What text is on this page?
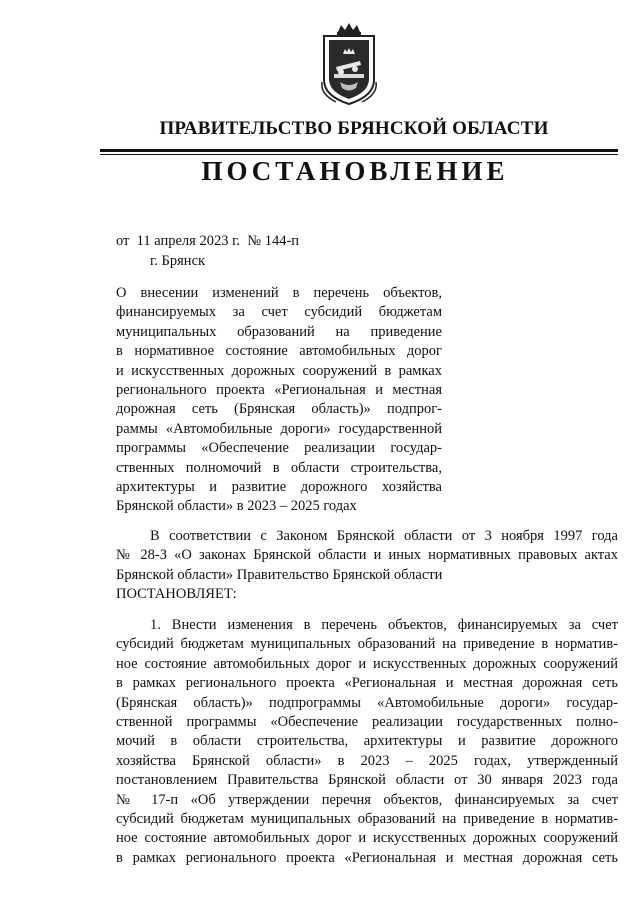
ПРАВИТЕЛЬСТВО БРЯНСКОЙ ОБЛАСТИ
ПОСТАНОВЛЕНИЕ
от  11 апреля 2023 г.  № 144-п
г. Брянск
О внесении изменений в перечень объектов,
финансируемых за счет субсидий бюджетам
муниципальных образований на приведение
в нормативное состояние автомобильных дорог
и искусственных дорожных сооружений в рамках
регионального проекта «Региональная и местная
дорожная сеть (Брянская область)» подпрог-
раммы «Автомобильные дороги» государственной
программы «Обеспечение реализации государ-
ственных полномочий в области строительства,
архитектуры и развитие дорожного хозяйства
Брянской области» в 2023 – 2025 годах
В соответствии с Законом Брянской области от 3 ноября 1997 года
№ 28-З «О законах Брянской области и иных нормативных правовых актах
Брянской области» Правительство Брянской области
ПОСТАНОВЛЯЕТ:
1. Внести изменения в перечень объектов, финансируемых за счет
субсидий бюджетам муниципальных образований на приведение в норматив-
ное состояние автомобильных дорог и искусственных дорожных сооружений
в рамках регионального проекта «Региональная и местная дорожная сеть
(Брянская область)» подпрограммы «Автомобильные дороги» государ-
ственной программы «Обеспечение реализации государственных полно-
мочий в области строительства, архитектуры и развитие дорожного
хозяйства Брянской области» в 2023 – 2025 годах, утвержденный
постановлением Правительства Брянской области от 30 января 2023 года
№ 17-п «Об утверждении перечня объектов, финансируемых за счет
субсидий бюджетам муниципальных образований на приведение в норматив-
ное состояние автомобильных дорог и искусственных дорожных сооружений
в рамках регионального проекта «Региональная и местная дорожная сеть
